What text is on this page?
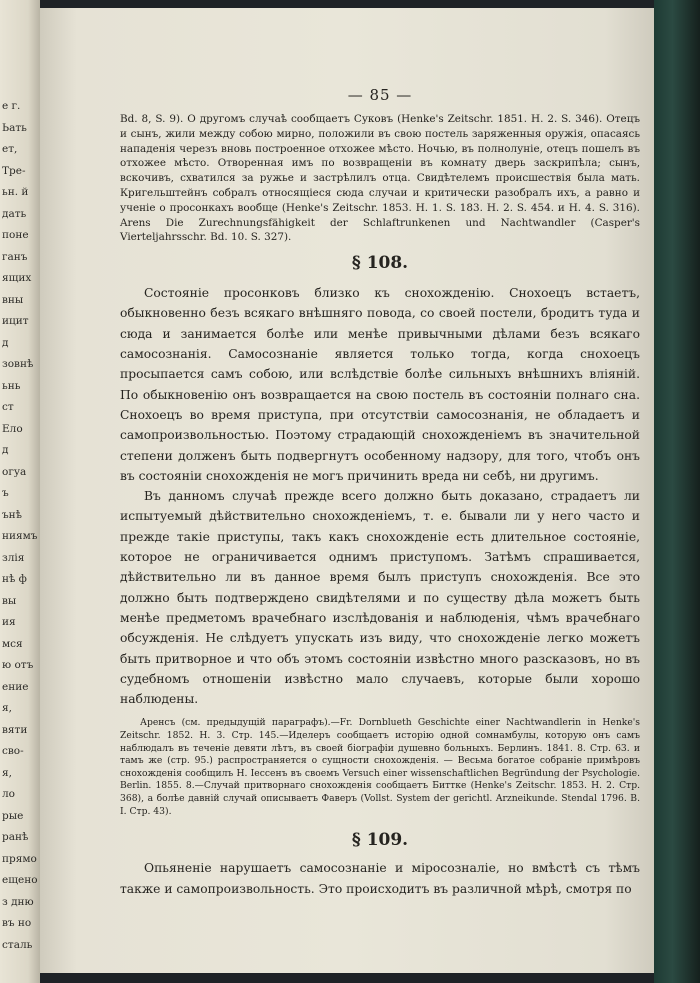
е г.
Ьать
ет,
Тре-
ьн. й
дать
поне
ганъ
ящих
вны
ицит
д
зовнѣ
ьнь
ст
Ело
д
огуа
ъ
ънѣ
ниямъ
злія
нѣ ф
вы
ия
мся
ю отъ
ение
я,
вяти
сво-
я,
ло
рые
ранѣ
прямо
ещено
з дню
въ но
сталь
— 85 —

Bd. 8, S. 9). О другомъ случаѣ сообщаетъ Суковъ (Henke's Zeitschr. 1851. Н. 2. S. 346). Отецъ и сынъ, жили между собою мирно, положили въ свою постель заряженныя оружія, опасаясь нападенія черезъ вновь построенное отхожее мѣсто. Ночью, въ полнолуніе, отецъ пошелъ въ отхожее мѣсто. Отворенная имъ по возвращеніи въ комнату дверь заскрипѣла; сынъ, вскочивъ, схватился за ружье и застрѣлилъ отца. Свидѣтелемъ происшествія была мать. Кригельштейнъ собралъ относящіеся сюда случаи и критически разобралъ ихъ, а равно и ученіе о просонкахъ вообще (Henke's Zeitschr. 1853. Н. 1. S. 183. Н. 2. S. 454. и Н. 4. S. 316). Arens Die Zurechnungsfähigkeit der Schlaftrunkenen und Nachtwandler (Casper's Vierteljahrsschr. Bd. 10. S. 327).

§ 108.

Состояніе просонковъ близко къ снохожденію. Снохоецъ встаетъ, обыкновенно безъ всякаго внѣшняго повода, со своей постели, бродитъ туда и сюда и занимается болѣе или менѣе привычными дѣлами безъ всякаго самосознанія. Самосознаніе является только тогда, когда снохоецъ просыпается самъ собою, или вслѣдствіе болѣе сильныхъ внѣшнихъ вліяній. По обыкновенію онъ возвращается на свою постель въ состояніи полнаго сна. Снохоецъ во время приступа, при отсутствіи самосознанія, не обладаетъ и самопроизвольностью. Поэтому страдающій снохожденіемъ въ значительной степени долженъ быть подвергнутъ особенному надзору, для того, чтобъ онъ въ состояніи снохожденія не могъ причинить вреда ни себѣ, ни другимъ.

Въ данномъ случаѣ прежде всего должно быть доказано, страдаетъ ли испытуемый дѣйствительно снохожденіемъ, т. е. бывали ли у него часто и прежде такіе приступы, такъ какъ снохожденіе есть длительное состояніе, которое не ограничивается однимъ приступомъ. Затѣмъ спрашивается, дѣйствительно ли въ данное время былъ приступъ снохожденія. Все это должно быть подтверждено свидѣтелями и по существу дѣла можетъ быть менѣе предметомъ врачебнаго изслѣдованія и наблюденія, чѣмъ врачебнаго обсужденія. Не слѣдуетъ упускать изъ виду, что снохожденіе легко можетъ быть притворное и что объ этомъ состояніи извѣстно много разсказовъ, но въ судебномъ отношеніи извѣстно мало случаевъ, которые были хорошо наблюдены.

Аренсъ (см. предыдущій параграфъ).—Fr. Dornblueth Geschichte einer Nachtwandlerin in Henke's Zeitschr. 1852. Н. 3. Стр. 145.—Иделеръ сообщаетъ исторію одной сомнамбулы, которую онъ самъ наблюдалъ въ теченіе девяти лѣтъ, въ своей біографіи душевно больныхъ. Берлинъ. 1841. 8. Стр. 63. и тамъ же (стр. 95.) распространяется о сущности снохожденія. — Весьма богатое собраніе примѣровъ снохожденія сообщилъ Н. Іессенъ въ своемъ Versuch einer wissenschaftlichen Begründung der Psychologie. Berlin. 1855. 8.—Случай притворнаго снохожденія сообщаетъ Биттке (Henke's Zeitschr. 1853. Н. 2. Стр. 368), а болѣе давній случай описываетъ Фаверъ (Vollst. System der gerichtl. Arzneikunde. Stendal 1796. B. I. Стр. 43).

§ 109.

Опьяненіе нарушаетъ самосознаніе и міросозналіе, но вмѣстѣ съ тѣмъ также и самопроизвольность. Это происходитъ въ различной мѣрѣ, смотря по
